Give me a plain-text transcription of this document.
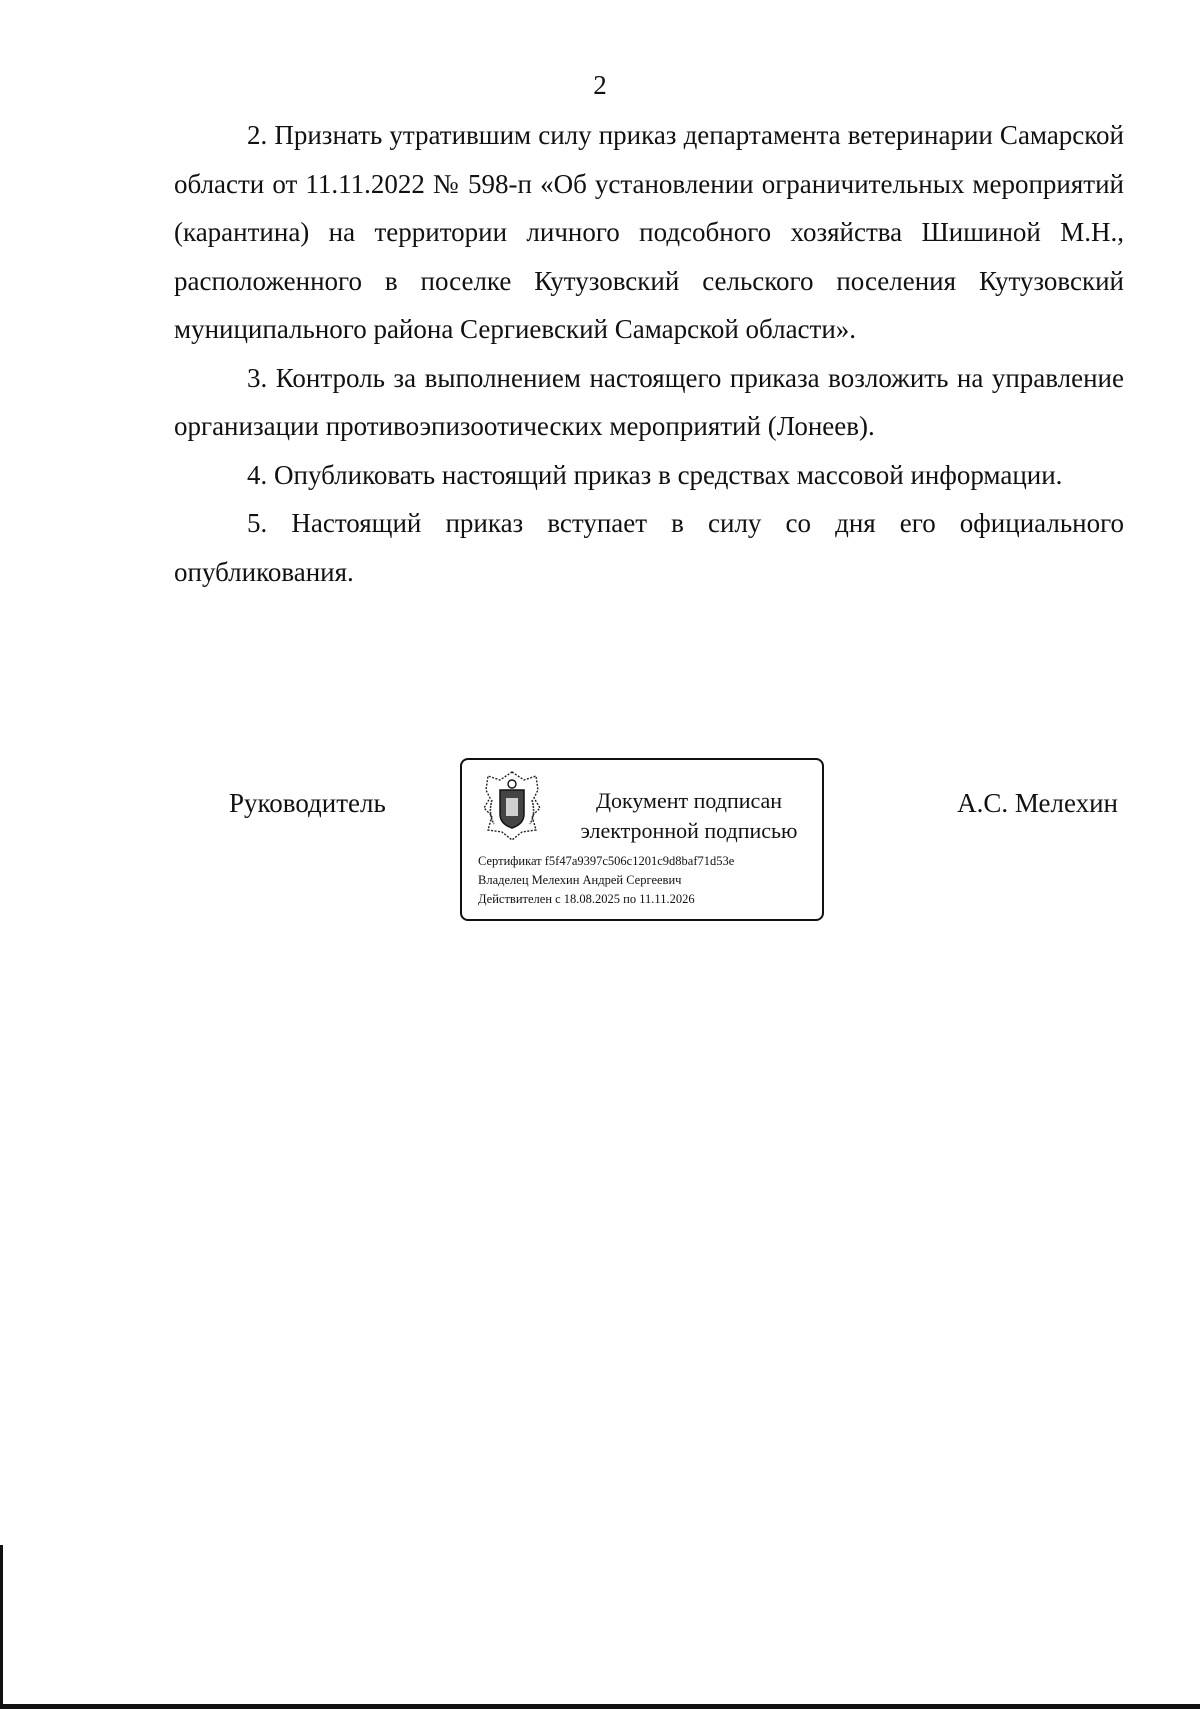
2

2. Признать утратившим силу приказ департамента ветеринарии Самарской области от 11.11.2022 № 598-п «Об установлении ограничительных мероприятий (карантина) на территории личного подсобного хозяйства Шишиной М.Н., расположенного в поселке Кутузовский сельского поселения Кутузовский муниципального района Сергиевский Самарской области».

3. Контроль за выполнением настоящего приказа возложить на управление организации противоэпизоотических мероприятий (Лонеев).

4. Опубликовать настоящий приказ в средствах массовой информации.

5. Настоящий приказ вступает в силу со дня его официального опубликования.

Руководитель	Документ подписан
электронной подписью
Сертификат f5f47a9397c506c1201c9d8baf71d53e
Владелец Мелехин Андрей Сергеевич
Действителен с 18.08.2025 по 11.11.2026
А.С. Мелехин
